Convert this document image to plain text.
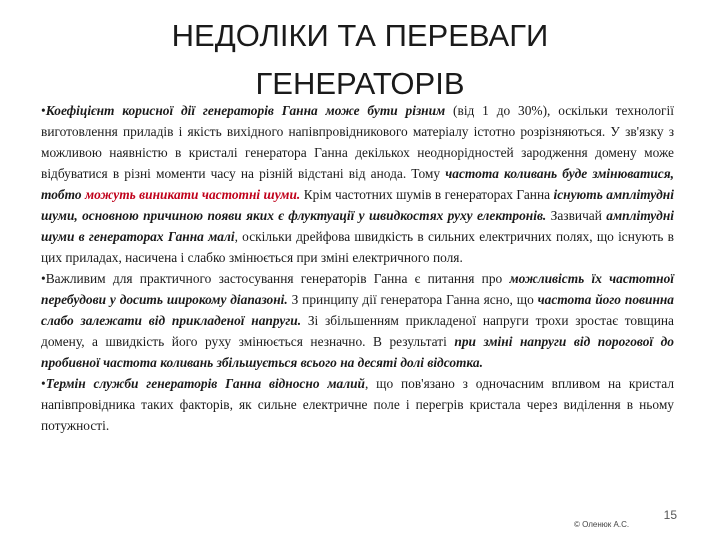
НЕДОЛІКИ ТА ПЕРЕВАГИ
ГЕНЕРАТОРІВ

•Коефіцієнт корисної дії генераторів Ганна може бути різним (від 1 до 30%), оскільки технології виготовлення приладів і якість вихідного напівпровідникового матеріалу істотно розрізняються. У зв'язку з можливою наявністю в кристалі генератора Ганна декількох неоднорідностей зародження домену може відбуватися в різні моменти часу на різній відстані від анода. Тому частота коливань буде змінюватися, тобто можуть виникати частотні шуми. Крім частотних шумів в генераторах Ганна існують амплітудні шуми, основною причиною появи яких є флуктуації у швидкостях руху електронів. Зазвичай амплітудні шуми в генераторах Ганна малі, оскільки дрейфова швидкість в сильних електричних полях, що існують в цих приладах, насичена і слабко змінюється при зміні електричного поля.

•Важливим для практичного застосування генераторів Ганна є питання про можливість їх частотної перебудови у досить широкому діапазоні. З принципу дії генератора Ганна ясно, що частота його повинна слабо залежати від прикладеної напруги. Зі збільшенням прикладеної напруги трохи зростає товщина домену, а швидкість його руху змінюється незначно. В результаті при зміні напруги від порогової до пробивної частота коливань збільшується всього на десяті долі відсотка.

•Термін служби генераторів Ганна відносно малий, що пов'язано з одночасним впливом на кристал напівпровідника таких факторів, як сильне електричне поле і перегрів кристала через виділення в ньому потужності.

© Оленюк А.С.
15
